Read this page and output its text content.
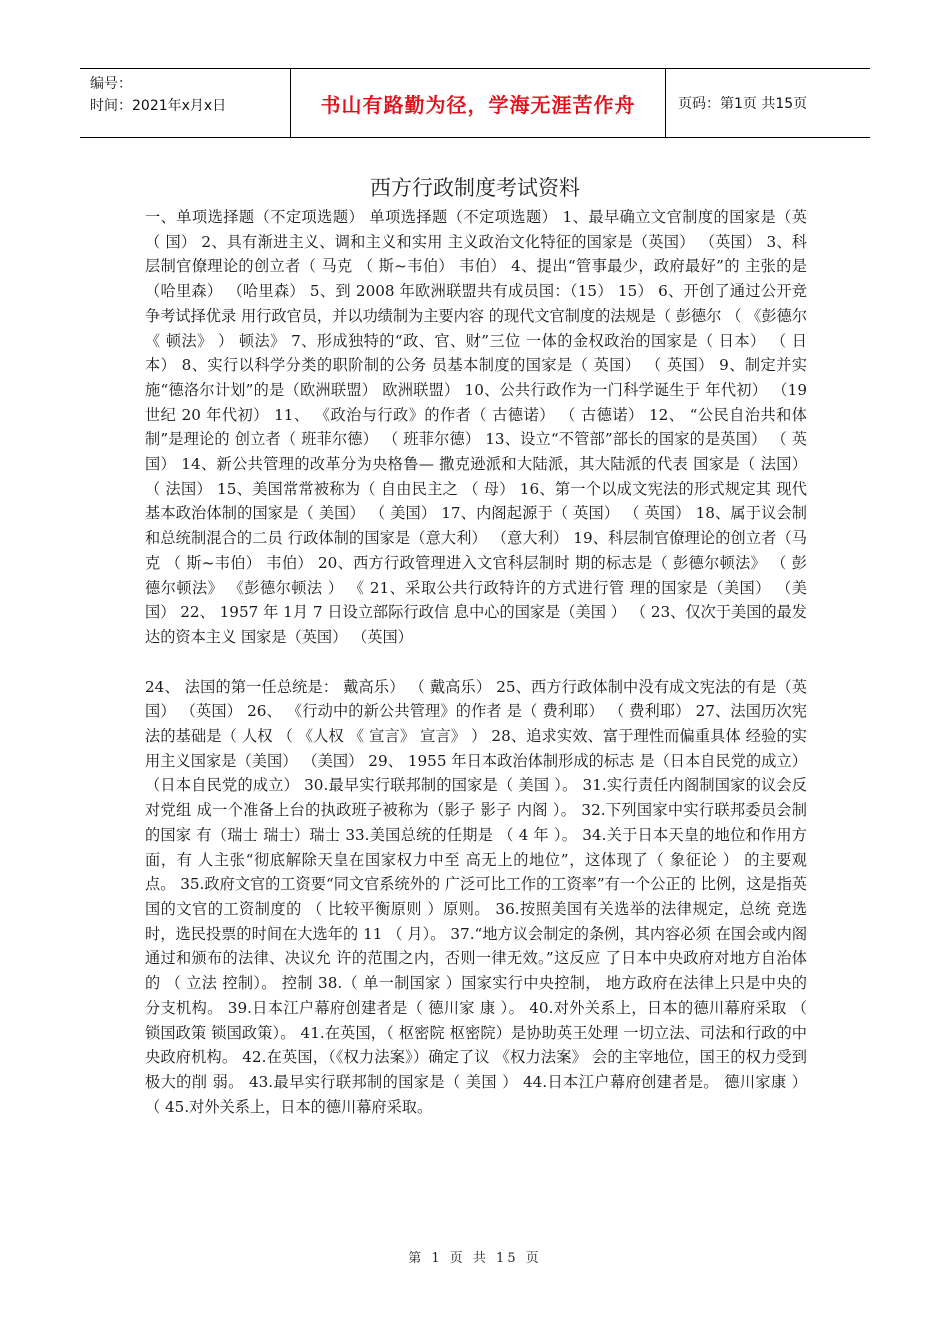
编号：
时间：2021年x月x日	书山有路勤为径，学海无涯苦作舟	页码：第1页 共15页
西方行政制度考试资料

一、单项选择题（不定项选题） 单项选择题（不定项选题） 1、最早确立文官制度的国家是（英 （ 国） 2、具有渐进主义、调和主义和实用 主义政治文化特征的国家是（英国） （英国） 3、科层制官僚理论的创立者（ 马克 （ 斯~韦伯） 韦伯） 4、提出“管事最少，政府最好”的 主张的是（哈里森） （哈里森） 5、到 2008 年欧洲联盟共有成员国：（15） 15） 6、开创了通过公开竞争考试择优录 用行政官员，并以功绩制为主要内容 的现代文官制度的法规是（ 彭德尔 （ 《彭德尔 《 顿法》 ） 顿法》 7、形成独特的“政、官、财”三位 一体的金权政治的国家是（ 日本） （ 日本） 8、实行以科学分类的职阶制的公务 员基本制度的国家是（ 英国） （ 英国） 9、制定并实施“德洛尔计划”的是（欧洲联盟） 欧洲联盟） 10、公共行政作为一门科学诞生于 年代初） （19 世纪 20 年代初） 11、 《政治与行政》的作者（ 古德诺） （ 古德诺） 12、 “公民自治共和体制”是理论的 创立者（ 班菲尔德） （ 班菲尔德） 13、设立“不管部”部长的国家的是英国） （ 英国） 14、新公共管理的改革分为央格鲁— 撒克逊派和大陆派，其大陆派的代表 国家是（ 法国） （ 法国） 15、美国常常被称为（ 自由民主之 （ 母） 16、第一个以成文宪法的形式规定其 现代基本政治体制的国家是（ 美国） （ 美国） 17、内阁起源于（ 英国） （ 英国） 18、属于议会制和总统制混合的二员 行政体制的国家是（意大利） （意大利） 19、科层制官僚理论的创立者（马克 （ 斯~韦伯） 韦伯） 20、西方行政管理进入文官科层制时 期的标志是（ 彭德尔顿法》 （ 彭德尔顿法》 《彭德尔顿法 ） 《 21、采取公共行政特许的方式进行管 理的国家是（美国） （美国） 22、 1957 年 1月 7 日设立部际行政信 息中心的国家是（美国 ） （ 23、仅次于美国的最发达的资本主义 国家是（英国） （英国）

24、 法国的第一任总统是： 戴高乐） （ 戴高乐） 25、西方行政体制中没有成文宪法的有是（英国） （英国） 26、 《行动中的新公共管理》的作者 是（ 费利耶） （ 费利耶） 27、法国历次宪法的基础是（ 人权 （ 《人权 《 宣言》 宣言》 ） 28、追求实效、富于理性而偏重具体 经验的实用主义国家是（美国） （美国） 29、 1955 年日本政治体制形成的标志 是（日本自民党的成立） （日本自民党的成立） 30.最早实行联邦制的国家是（ 美国 ）。 31.实行责任内阁制国家的议会反对党组 成一个准备上台的执政班子被称为（影子 影子 内阁 ）。 32.下列国家中实行联邦委员会制的国家 有（瑞士 瑞士）瑞士 33.美国总统的任期是 （ 4 年 ）。 34.关于日本天皇的地位和作用方面，有 人主张“彻底解除天皇在国家权力中至 高无上的地位”，这体现了（ 象征论 ） 的主要观点。 35.政府文官的工资要“同文官系统外的 广泛可比工作的工资率”有一个公正的 比例，这是指英国的文官的工资制度的 （ 比较平衡原则 ）原则。 36.按照美国有关选举的法律规定，总统 竞选时，选民投票的时间在大选年的 11 （ 月）。 37.“地方议会制定的条例，其内容必须 在国会或内阁通过和颁布的法律、决议允 许的范围之内，否则一律无效。”这反应 了日本中央政府对地方自治体的 （ 立法 控制）。 控制 38.（ 单一制国家 ）国家实行中央控制， 地方政府在法律上只是中央的分支机构。 39.日本江户幕府创建者是（ 德川家 康 ）。 40.对外关系上，日本的德川幕府采取 （ 锁国政策 锁国政策）。 41.在英国，（ 枢密院 枢密院）是协助英王处理 一切立法、司法和行政的中央政府机构。 42.在英国，（《权力法案》）确定了议 《权力法案》 会的主宰地位，国王的权力受到极大的削 弱。 43.最早实行联邦制的国家是（ 美国 ） 44.日本江户幕府创建者是。 德川家康 ） （ 45.对外关系上，日本的德川幕府采取。

第 1 页 共 15 页
